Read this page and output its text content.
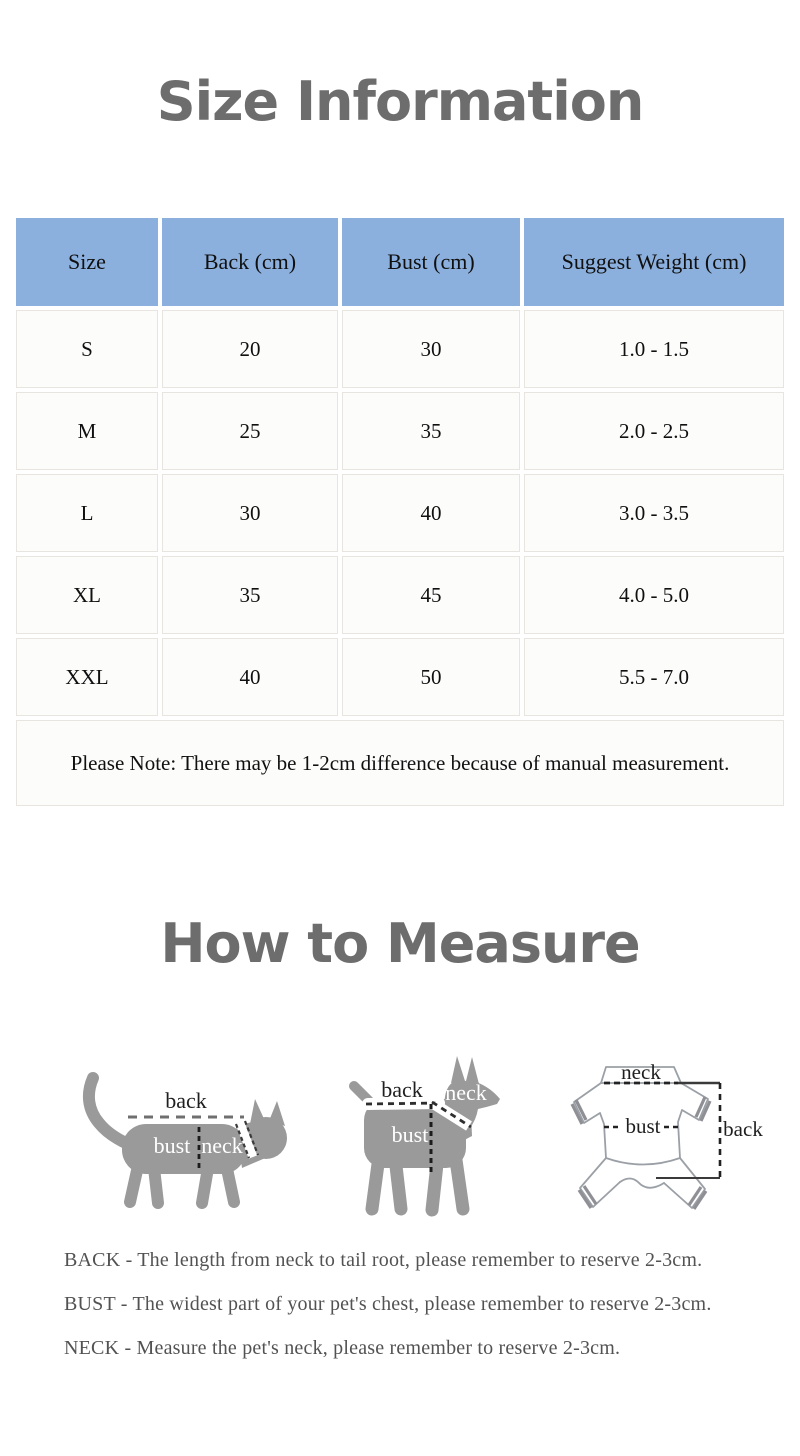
Size Information
Size	Back (cm)	Bust (cm)	Suggest Weight (cm)
S	20	30	1.0 - 1.5
M	25	35	2.0 - 2.5
L	30	40	3.0 - 3.5
XL	35	45	4.0 - 5.0
XXL	40	50	5.5 - 7.0
Please Note: There may be 1-2cm difference because of manual measurement.			
How to Measure
back
bust neck
back
bust
neck
neck
bust	back

BACK - The length from neck to tail root, please remember to reserve 2-3cm.

BUST - The widest part of your pet's chest, please remember to reserve 2-3cm.

NECK - Measure the pet's neck, please remember to reserve 2-3cm.
